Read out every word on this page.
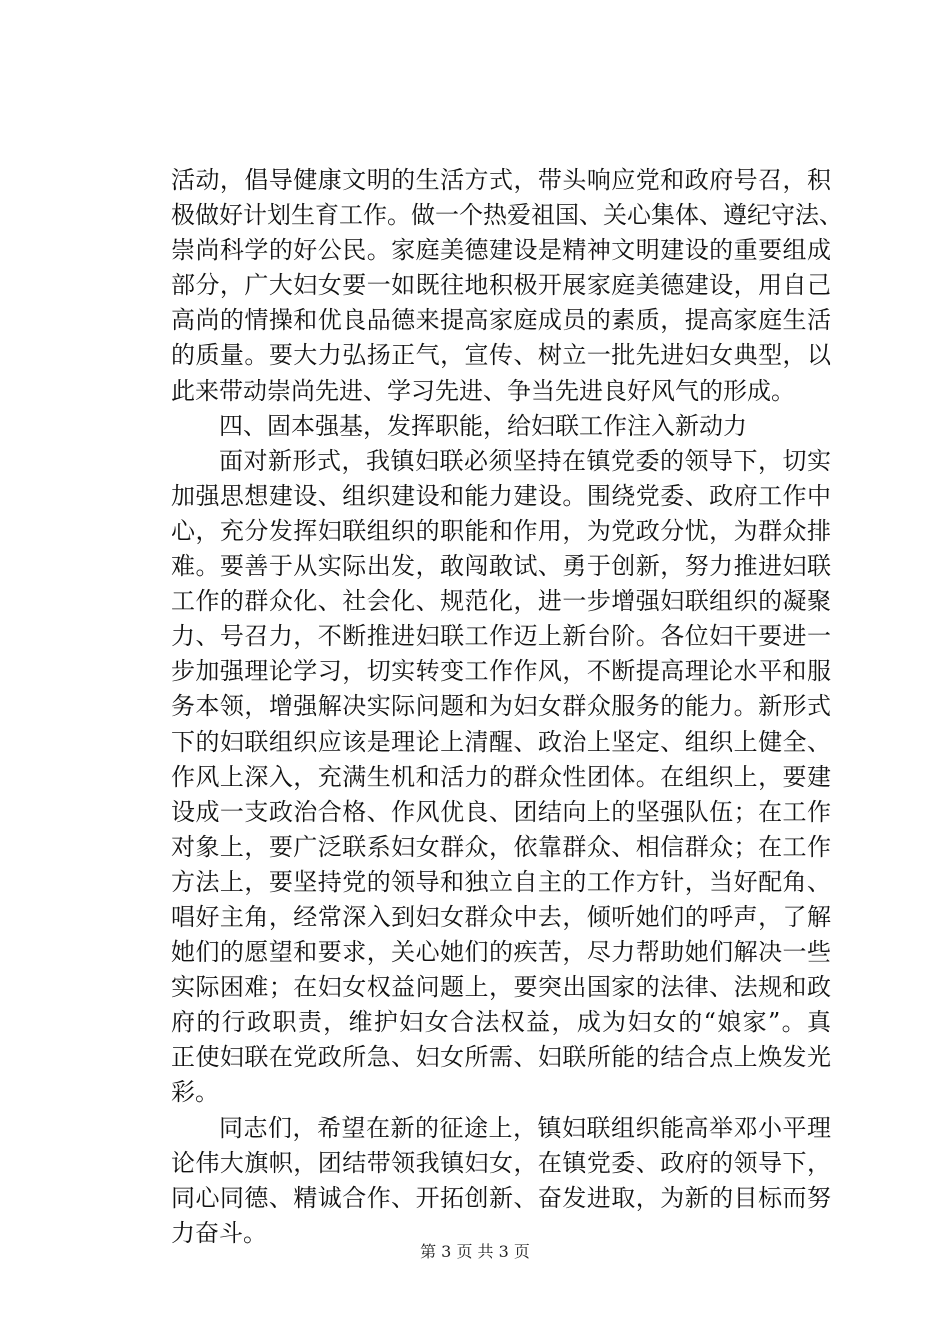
活动，倡导健康文明的生活方式，带头响应党和政府号召，积
极做好计划生育工作。做一个热爱祖国、关心集体、遵纪守法、
崇尚科学的好公民。家庭美德建设是精神文明建设的重要组成
部分，广大妇女要一如既往地积极开展家庭美德建设，用自己
高尚的情操和优良品德来提高家庭成员的素质，提高家庭生活
的质量。要大力弘扬正气，宣传、树立一批先进妇女典型，以
此来带动崇尚先进、学习先进、争当先进良好风气的形成。
四、固本强基，发挥职能，给妇联工作注入新动力
面对新形式，我镇妇联必须坚持在镇党委的领导下，切实
加强思想建设、组织建设和能力建设。围绕党委、政府工作中
心，充分发挥妇联组织的职能和作用，为党政分忧，为群众排
难。要善于从实际出发，敢闯敢试、勇于创新，努力推进妇联
工作的群众化、社会化、规范化，进一步增强妇联组织的凝聚
力、号召力，不断推进妇联工作迈上新台阶。各位妇干要进一
步加强理论学习，切实转变工作作风，不断提高理论水平和服
务本领，增强解决实际问题和为妇女群众服务的能力。新形式
下的妇联组织应该是理论上清醒、政治上坚定、组织上健全、
作风上深入，充满生机和活力的群众性团体。在组织上，要建
设成一支政治合格、作风优良、团结向上的坚强队伍；在工作
对象上，要广泛联系妇女群众，依靠群众、相信群众；在工作
方法上，要坚持党的领导和独立自主的工作方针，当好配角、
唱好主角，经常深入到妇女群众中去，倾听她们的呼声，了解
她们的愿望和要求，关心她们的疾苦，尽力帮助她们解决一些
实际困难；在妇女权益问题上，要突出国家的法律、法规和政
府的行政职责，维护妇女合法权益，成为妇女的“娘家”。真
正使妇联在党政所急、妇女所需、妇联所能的结合点上焕发光
彩。
同志们，希望在新的征途上，镇妇联组织能高举邓小平理
论伟大旗帜，团结带领我镇妇女，在镇党委、政府的领导下，
同心同德、精诚合作、开拓创新、奋发进取，为新的目标而努
力奋斗。
第 3 页 共 3 页
